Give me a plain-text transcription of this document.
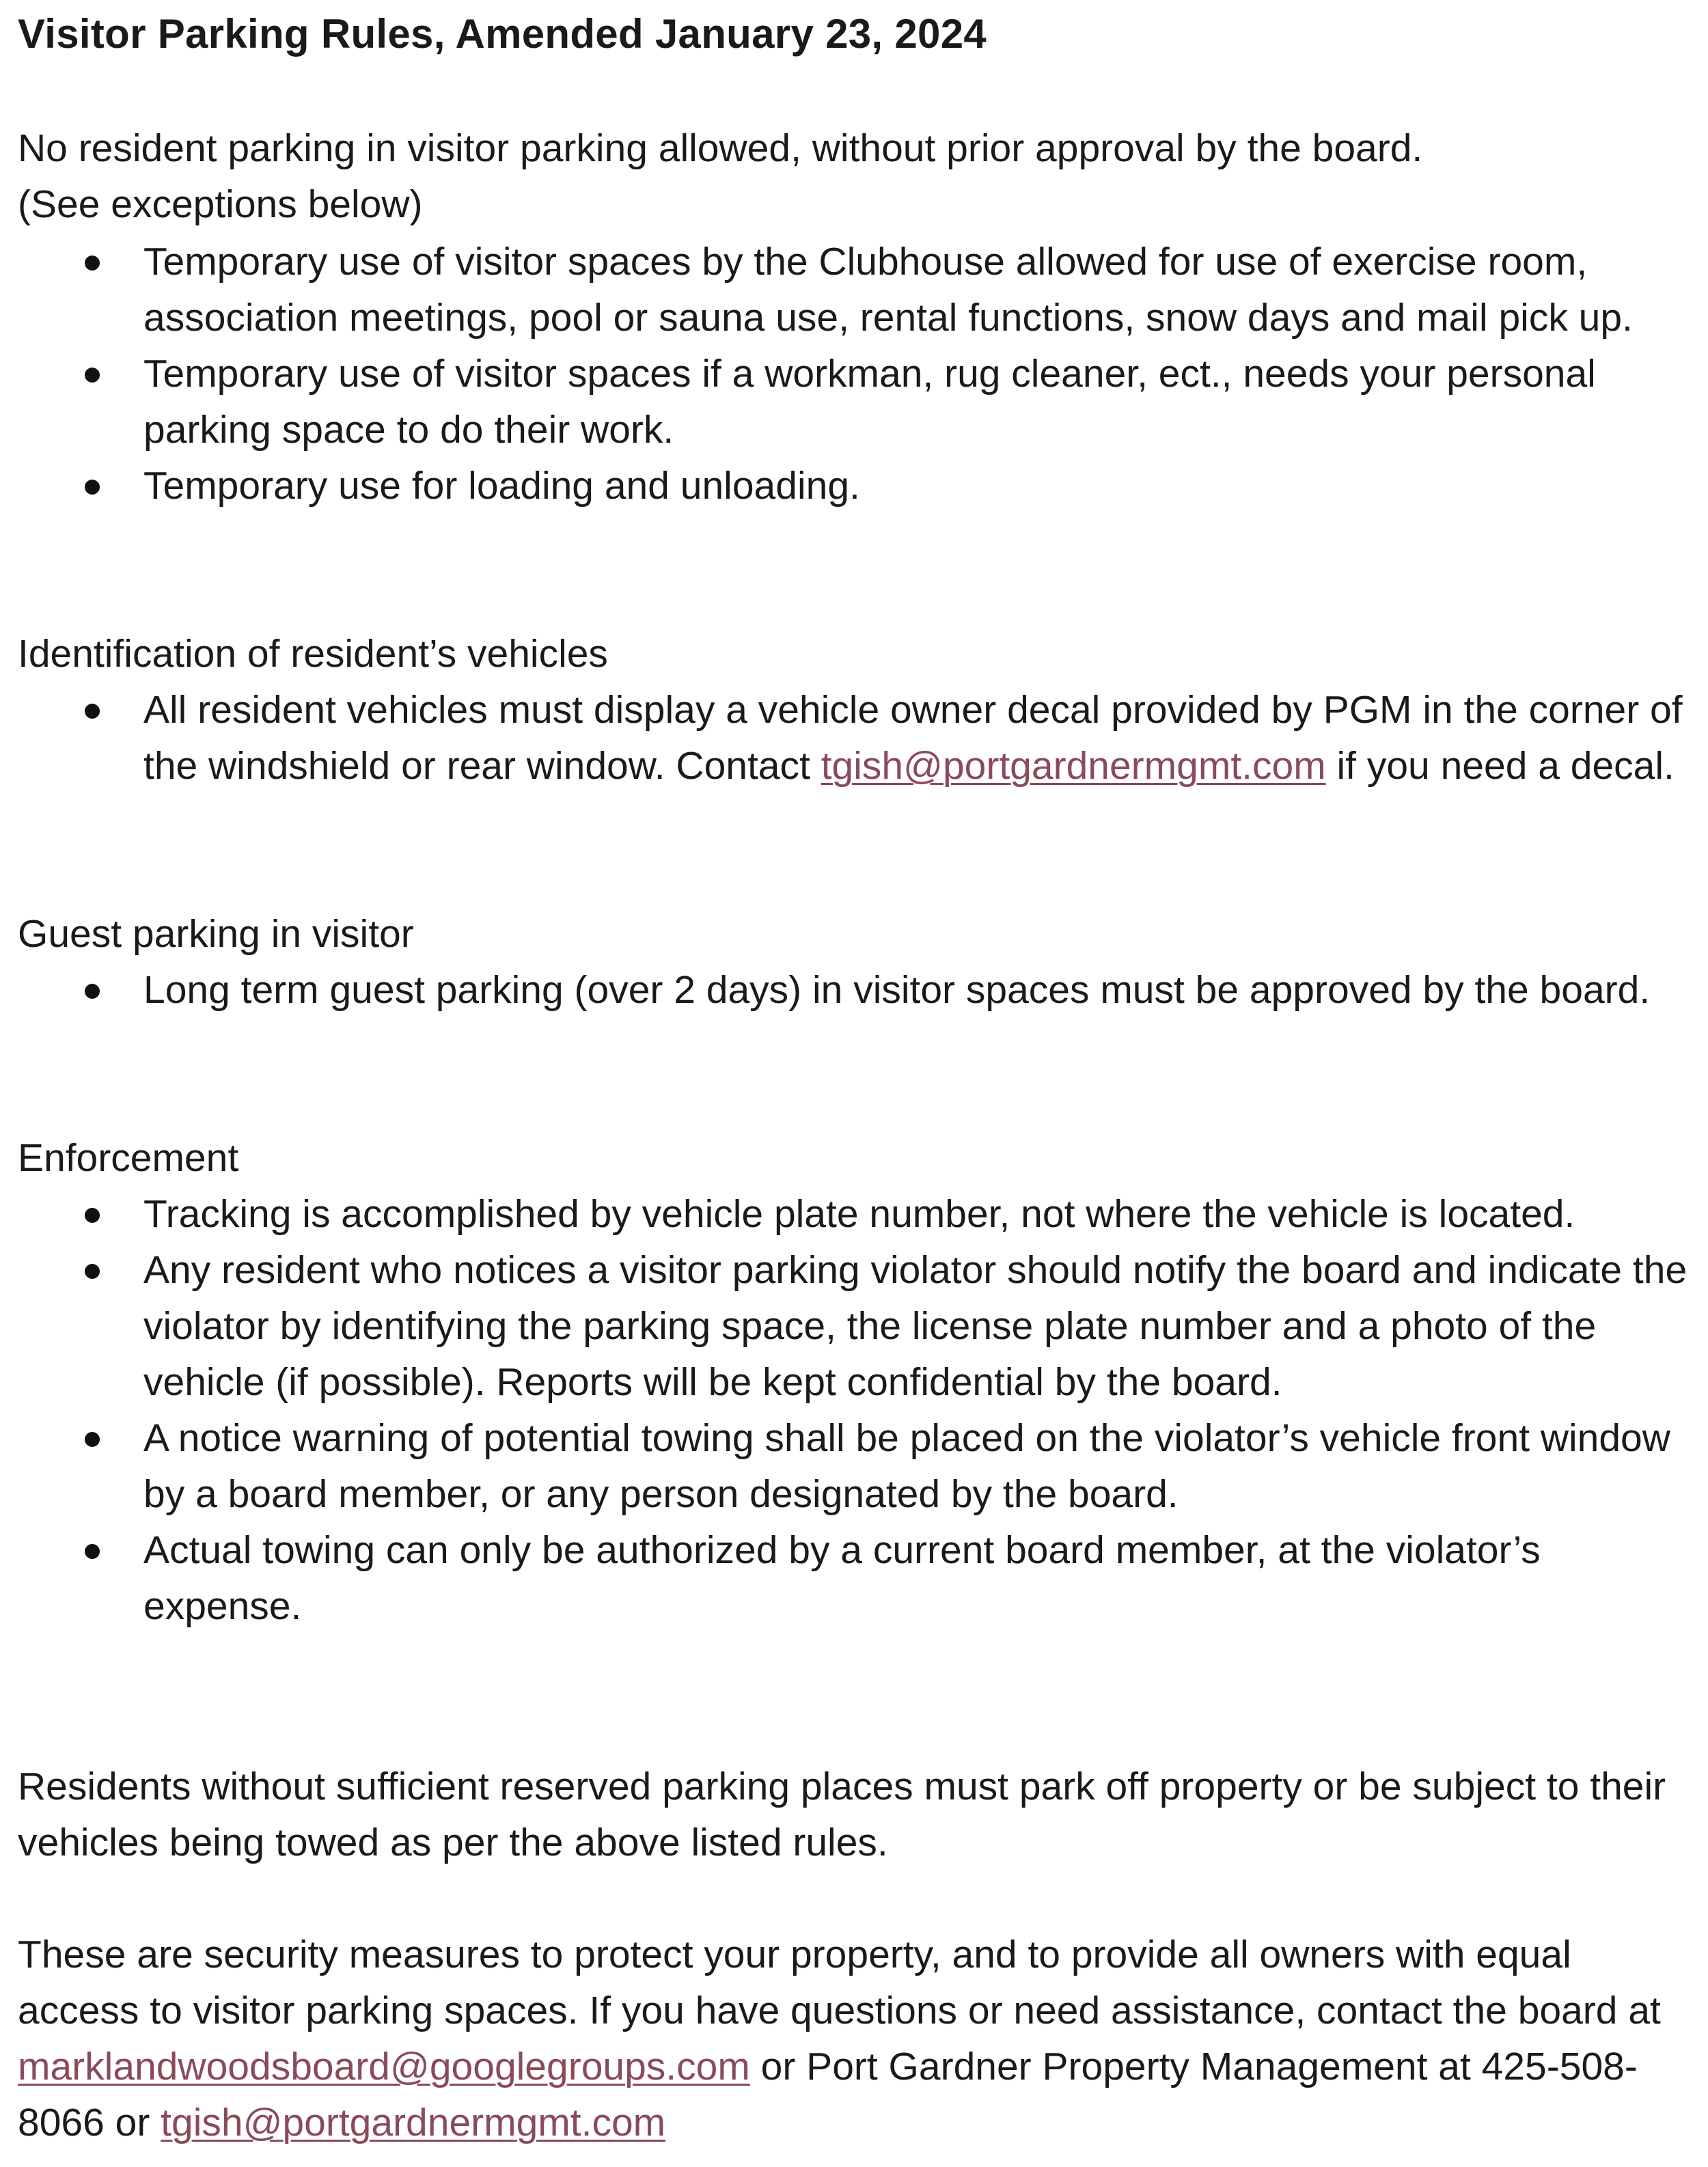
Visitor Parking Rules, Amended January 23, 2024
No resident parking in visitor parking allowed, without prior approval by the board.
(See exceptions below)
Temporary use of visitor spaces by the Clubhouse allowed for use of exercise room, association meetings, pool or sauna use, rental functions, snow days and mail pick up.
Temporary use of visitor spaces if a workman, rug cleaner, ect., needs your personal parking space to do their work.
Temporary use for loading and unloading.
Identification of resident’s vehicles
All resident vehicles must display a vehicle owner decal provided by PGM in the corner of the windshield or rear window. Contact tgish@portgardnermgmt.com if you need a decal.
Guest parking in visitor
Long term guest parking (over 2 days) in visitor spaces must be approved by the board.
Enforcement
Tracking is accomplished by vehicle plate number, not where the vehicle is located.
Any resident who notices a visitor parking violator should notify the board and indicate the violator by identifying the parking space, the license plate number and a photo of the vehicle (if possible). Reports will be kept confidential by the board.
A notice warning of potential towing shall be placed on the violator’s vehicle front window by a board member, or any person designated by the board.
Actual towing can only be authorized by a current board member, at the violator’s expense.
Residents without sufficient reserved parking places must park off property or be subject to their vehicles being towed as per the above listed rules.
These are security measures to protect your property, and to provide all owners with equal access to visitor parking spaces. If you have questions or need assistance, contact the board at marklandwoodsboard@googlegroups.com or Port Gardner Property Management at 425-508-8066 or tgish@portgardnermgmt.com
